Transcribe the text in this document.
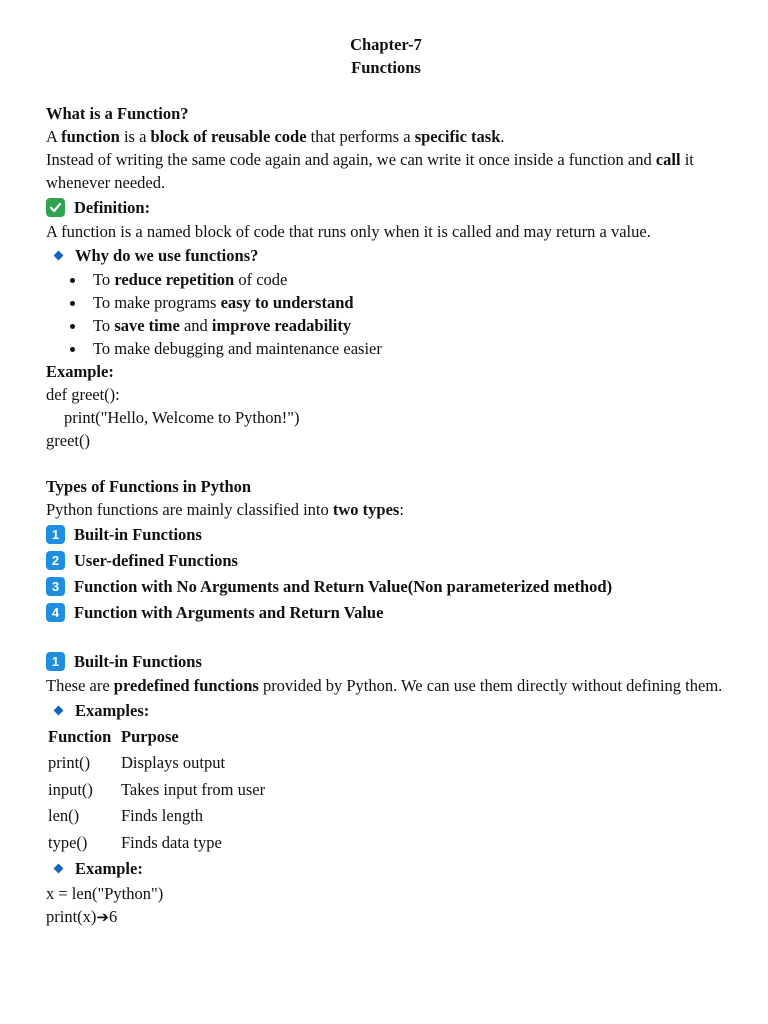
Chapter-7

Functions

What is a Function?

A function is a block of reusable code that performs a specific task.

Instead of writing the same code again and again, we can write it once inside a function and call it whenever needed.

Definition:

A function is a named block of code that runs only when it is called and may return a value.

Why do we use functions?
To reduce repetition of code
To make programs easy to understand
To save time and improve readability
To make debugging and maintenance easier

Example:

def greet():

print("Hello, Welcome to Python!")

greet()

Types of Functions in Python

Python functions are mainly classified into two types:

1 Built-in Functions
2 User-defined Functions
3 Function with No Arguments and Return Value(Non parameterized method)
4 Function with Arguments and Return Value
1 Built-in Functions

These are predefined functions provided by Python. We can use them directly without defining them.

Examples:
Function	Purpose
print()	Displays output
input()	Takes input from user
len()	Finds length
type()	Finds data type
Example:

x = len("Python")

print(x)➔6
